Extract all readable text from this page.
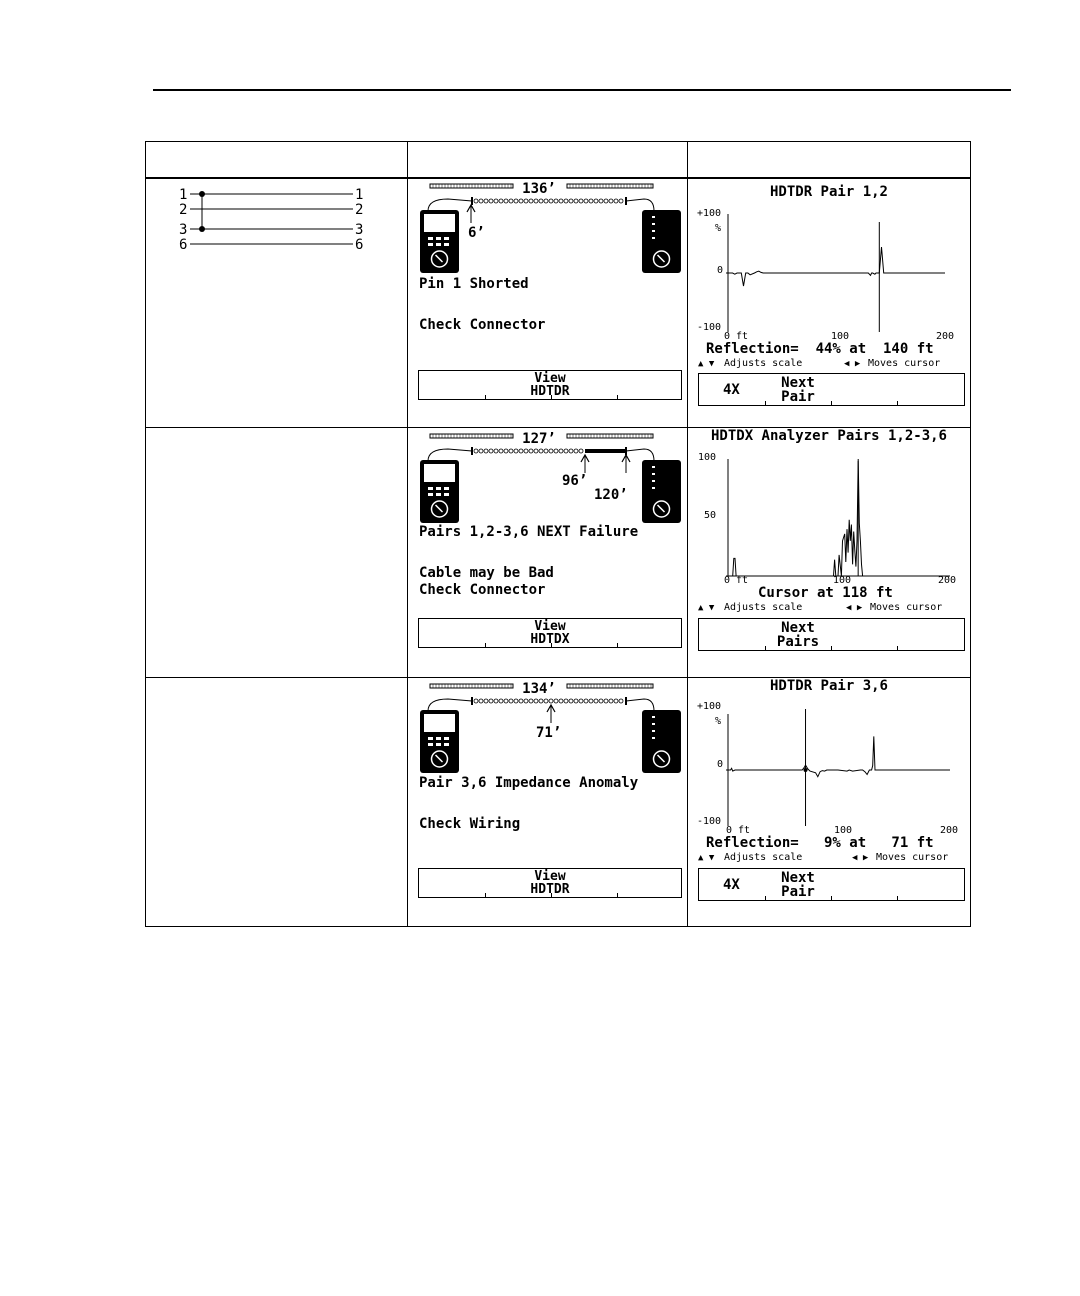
1
2
3
6
1
2
3
6
136’
6’
Pin 1 Shorted
Check Connector
View
HDTDR
HDTDR Pair 1,2
+100
%
0
-100
0 ft	100	200
Reflection=  44% at  140 ft
▲ ▼ Adjusts scale	◀ ▶ Moves cursor
4X	Next
Pair
127’
96’
120’
Pairs 1,2-3,6 NEXT Failure
Cable may be Bad
Check Connector
View
HDTDX
HDTDX Analyzer Pairs 1,2-3,6
100
50
0 ft	100	200
Cursor at 118 ft
▲ ▼ Adjusts scale	◀ ▶ Moves cursor
Next
Pairs
134’
71’
Pair 3,6 Impedance Anomaly
Check Wiring
View
HDTDR
HDTDR Pair 3,6
+100
%
0
-100
0 ft	100	200
Reflection=   9% at   71 ft
▲ ▼ Adjusts scale	◀ ▶ Moves cursor
4X	Next
Pair
